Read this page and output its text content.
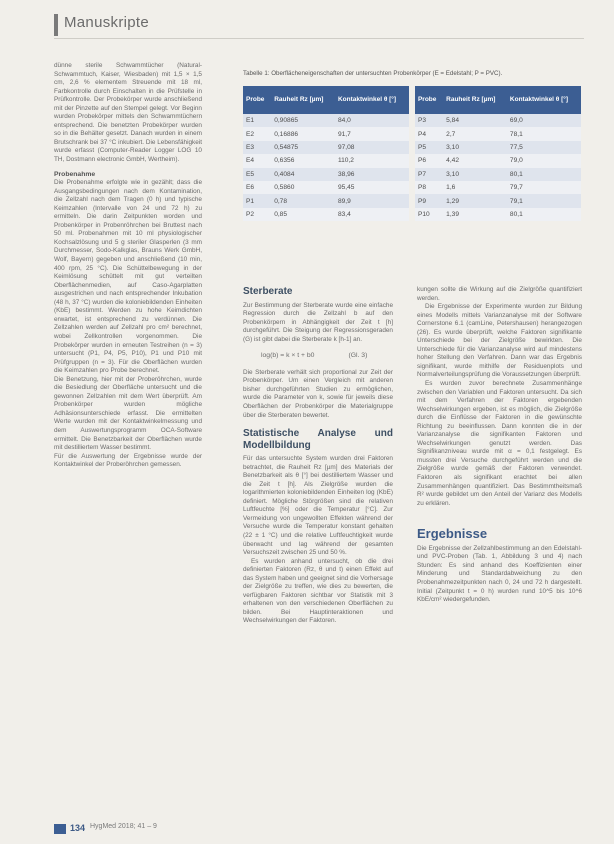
Manuskripte

dünne sterile Schwammtücher (Natural-Schwammtuch, Kaiser, Wiesbaden) mit 1,5 × 1,5 cm, 2,6 % elementem Streuende mit 18 ml, Farbkontrolle durch Einschalten in die Prüfstelle in Prüfkontrolle. Der Probekörper wurde anschließend mit der Pinzette auf den Stempel gelegt. Vor Beginn wurden Probekörper mittels den Schwammtüchern entsprechend. Die benetzten Probekörper wurden so in die Behälter gesetzt. Danach wurden in einem Brutschrank bei 37 °C inkubiert. Die Lebensfähigkeit wurde erfasst (Computer-Reader Logger LOG 10 TH, Dostmann electronic GmbH, Wertheim).

Probenahme

Die Probenahme erfolgte wie in gezählt; dass die Ausgangsbedingungen nach dem Kontamination, die Zellzahl nach dem Tragen (0 h) und typische Keimzahlen (Intervalle von 24 und 72 h) zu ermitteln. Die darin Zeitpunkten worden und Probenkörper in Probenröhrchen bei Bruttest nach 50 ml. Probenahmen mit 10 ml physiologischer Kochsalzlösung und 5 g steriler Glasperlen (3 mm Durchmesser, Sodo-Kalkglas, Brauns Werk GmbH, Wolf, Bayern) gegeben und anschließend (10 min, 400 rpm, 25 °C). Die Schüttelbewegung in der Keimlösung schüttelt mit gut verteilten Oberflächenmedien, auf Caso-Agarplatten ausgestrichen und nach entsprechender Inkubation (48 h, 37 °C) wurden die koloniebildenden Einheiten (KbE) bestimmt. Werden zu hohe Keimdichten erwartet, ist entsprechend zu verdünnen. Die Zellzahlen werden auf Zellzahl pro cm² berechnet, wobei Zellkontrollen vorgenommen. Die Probekörper wurden in erneuten Testreihen (n = 3) untersucht (P1, P4, P5, P10), P1 und P10 mit Prüfgruppen (n = 3). Für die Oberflächen wurden die Keimzahlen pro Probe berechnet.

Die Benetzung, hier mit der Proberöhrchen, wurde die Besiedlung der Oberfläche untersucht und die gewonnen Zellzahlen mit dem Wert überprüft. Am Probenkörper wurden mögliche Adhäsionsunterschiede erfasst. Die ermittelten Werte wurden mit der Kontaktwinkelmessung und dem Auswertungsprogramm OCA-Software ermittelt. Die Benetzbarkeit der Oberflächen wurde mit destilliertem Wasser bestimmt.

Für die Auswertung der Ergebnisse wurde der Kontaktwinkel der Proberöhrchen gemessen.

Tabelle 1: Oberflächeneigenschaften der untersuchten Probenkörper (E = Edelstahl; P = PVC).
Probe	Rauheit Rz [µm]	Kontaktwinkel θ [°]		Probe	Rauheit Rz [µm]	Kontaktwinkel θ [°]
E1	0,90865	84,0		P3	5,84	69,0
E2	0,16886	91,7		P4	2,7	78,1
E3	0,54875	97,08		P5	3,10	77,5
E4	0,6356	110,2		P6	4,42	79,0
E5	0,4084	38,96		P7	3,10	80,1
E6	0,5860	95,45		P8	1,6	79,7
P1	0,78	89,9		P9	1,29	79,1
P2	0,85	83,4		P10	1,39	80,1

Sterberate

Zur Bestimmung der Sterberate wurde eine einfache Regression durch die Zellzahl b auf den Probenkörpern in Abhängigkeit der Zeit t [h] durchgeführt. Die Steigung der Regressionsgeraden (G) ist gibt dabei die Sterberate k [h-1] an.

log(b) = k × t + b0	(Gl. 3)

Die Sterberate verhält sich proportional zur Zeit der Probenkörper. Um einen Vergleich mit anderen bisher durchgeführten Studien zu ermöglichen, wurde die Parameter von k, sowie für jeweils diese Oberflächen der Probenkörper die Materialgruppe über die Sterberaten bewertet.

Statistische Analyse und Modellbildung

Für das untersuchte System wurden drei Faktoren betrachtet, die Rauheit Rz [µm] des Materials der Benetzbarkeit als θ [°] bei destilliertem Wasser und die Zeit t [h]. Als Zielgröße wurden die logarithmierten koloniebildenden Einheiten log (KbE) definiert. Mögliche Störgrößen sind die relativen Luftfeuchte [%] oder die Temperatur [°C]. Zur Vermeidung von ungewollten Effekten während der Versuche wurde die Temperatur konstant gehalten (22 ± 1 °C) und die relative Luftfeuchtigkeit wurde überwacht und lag während der gesamten Versuchszeit zwischen 25 und 50 %.

Es wurden anhand untersucht, ob die drei definierten Faktoren (Rz, θ und t) einen Effekt auf das System haben und geeignet sind die Vorhersage der Zielgröße zu treffen, wie dies zu bewerten, die verfügbaren Faktoren sichtbar vor Statistik mit 3 erhaltenen von den verschiedenen Oberflächen zu bilden. Bei Hauptinteraktionen und Wechselwirkungen der Faktoren.

kungen sollte die Wirkung auf die Zielgröße quantifiziert werden.

Die Ergebnisse der Experimente wurden zur Bildung eines Modells mittels Varianzanalyse mit der Software Cornerstone 6.1 (camLine, Petershausen) herangezogen (26). Es wurde überprüft, welche Faktoren signifikante Unterschiede bei der Zielgröße bewirkten. Die Unterschiede für die Varianzanalyse wird auf mindestens hoher Stellung den Verfahren. Dann war das Ergebnis signifikant, wurde mithilfe der Residuenplots und Normalverteilungsprüfung die Voraussetzungen überprüft.

Es wurden zuvor berechnete Zusammenhänge zwischen den Variablen und Faktoren untersucht. Da sich mit dem Verfahren der Faktoren ergebenden Wechselwirkungen ergeben, ist es möglich, die Zielgröße durch die Einflüsse der Faktoren in die gewünschte Richtung zu beeinflussen. Dann konnten die in der Varianzanalyse die signifikanten Faktoren und Wechselwirkungen genutzt werden. Das Signifikanzniveau wurde mit α = 0,1 festgelegt. Es mussten drei Versuche durchgeführt werden und die Zielgröße wurde gemäß der Faktoren verwendet. Faktoren als signifikant erachtet bei allen Zusammenhängen quantifiziert. Das Bestimmtheitsmaß R² wurde gebildet um den Anteil der Varianz des Modells zu erklären.

Ergebnisse

Die Ergebnisse der Zellzahlbestimmung an den Edelstahl- und PVC-Proben (Tab. 1, Abbildung 3 und 4) nach Stunden: Es sind anhand des Koeffizienten einer Minderung und Standardabweichung zu den Probenahmezeitpunkten nach 0, 24 und 72 h dargestellt. Initial (Zeitpunkt t = 0 h) wurden rund 10^5 bis 10^6 KbE/cm² wiedergefunden.

134 HygMed 2018; 41 – 9
